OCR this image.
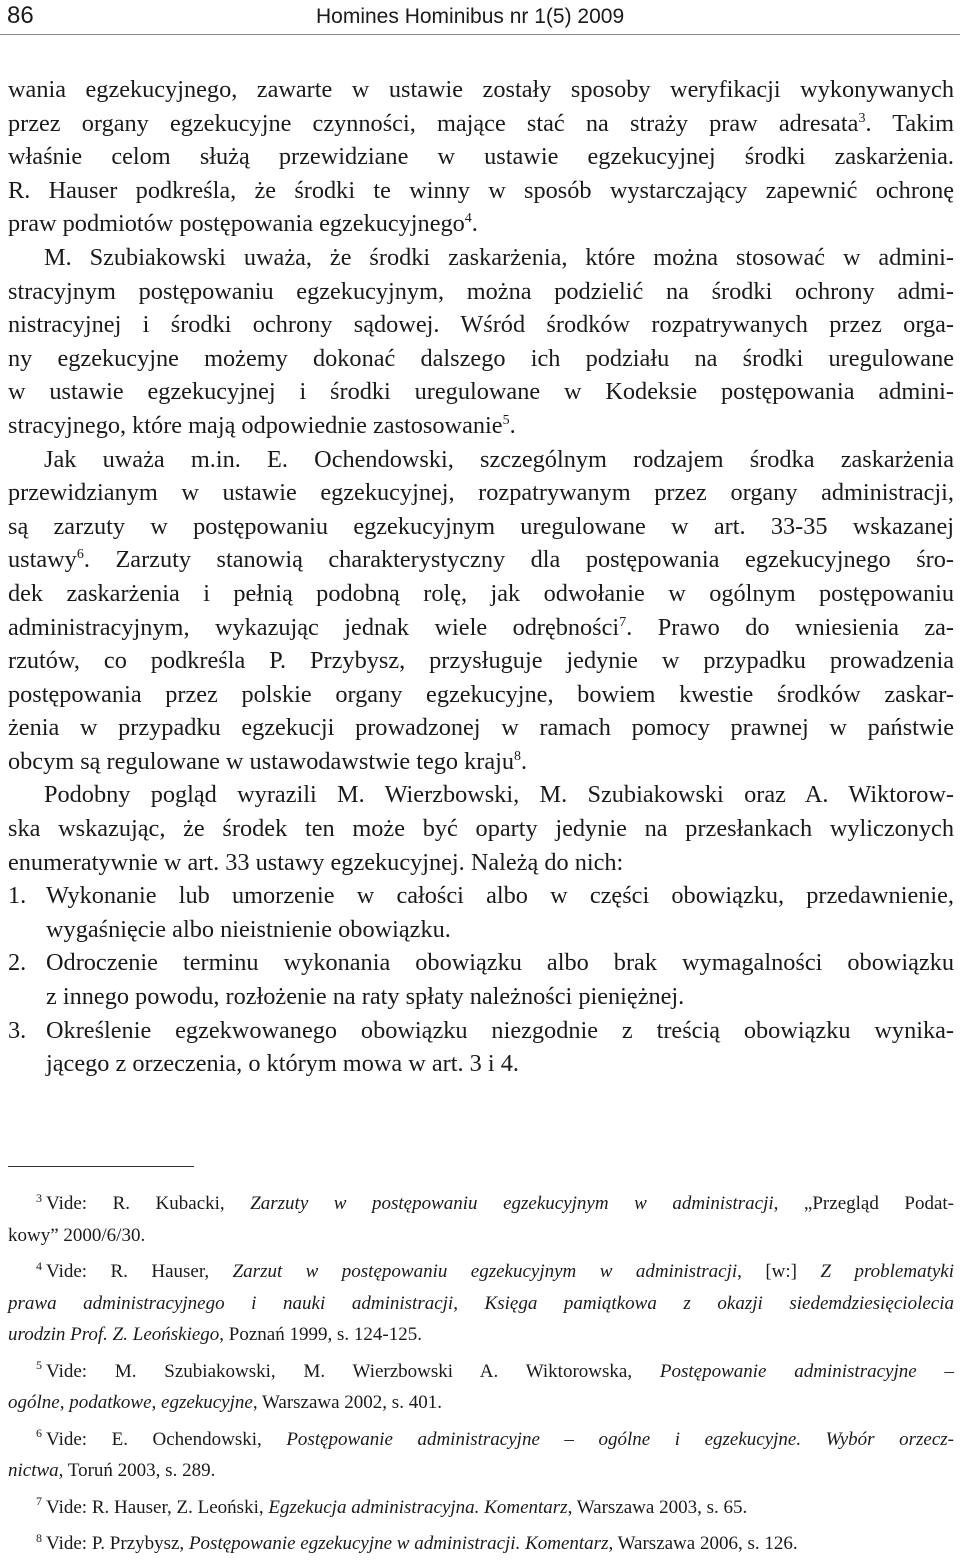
86	Homines Hominibus nr 1(5) 2009
wania egzekucyjnego, zawarte w ustawie zostały sposoby weryfikacji wykonywanych
przez organy egzekucyjne czynności, mające stać na straży praw adresata$^3$. Takim
właśnie celom służą przewidziane w ustawie egzekucyjnej środki zaskarżenia.
R. Hauser podkreśla, że środki te winny w sposób wystarczający zapewnić ochronę
praw podmiotów postępowania egzekucyjnego$^4$.
M. Szubiakowski uważa, że środki zaskarżenia, które można stosować w admini-
stracyjnym postępowaniu egzekucyjnym, można podzielić na środki ochrony admi-
nistracyjnej i środki ochrony sądowej. Wśród środków rozpatrywanych przez orga-
ny egzekucyjne możemy dokonać dalszego ich podziału na środki uregulowane
w ustawie egzekucyjnej i środki uregulowane w Kodeksie postępowania admini-
stracyjnego, które mają odpowiednie zastosowanie$^5$.
Jak uważa m.in. E. Ochendowski, szczególnym rodzajem środka zaskarżenia
przewidzianym w ustawie egzekucyjnej, rozpatrywanym przez organy administracji,
są zarzuty w postępowaniu egzekucyjnym uregulowane w art. 33-35 wskazanej
ustawy$^6$. Zarzuty stanowią charakterystyczny dla postępowania egzekucyjnego śro-
dek zaskarżenia i pełnią podobną rolę, jak odwołanie w ogólnym postępowaniu
administracyjnym, wykazując jednak wiele odrębności$^7$. Prawo do wniesienia za-
rzutów, co podkreśla P. Przybysz, przysługuje jedynie w przypadku prowadzenia
postępowania przez polskie organy egzekucyjne, bowiem kwestie środków zaskar-
żenia w przypadku egzekucji prowadzonej w ramach pomocy prawnej w państwie
obcym są regulowane w ustawodawstwie tego kraju$^8$.
Podobny pogląd wyrazili M. Wierzbowski, M. Szubiakowski oraz A. Wiktorow-
ska wskazując, że środek ten może być oparty jedynie na przesłankach wyliczonych
enumeratywnie w art. 33 ustawy egzekucyjnej. Należą do nich:
1. Wykonanie lub umorzenie w całości albo w części obowiązku, przedawnienie,
wygaśnięcie albo nieistnienie obowiązku.
2. Odroczenie terminu wykonania obowiązku albo brak wymagalności obowiązku
z innego powodu, rozłożenie na raty spłaty należności pieniężnej.
3. Określenie egzekwowanego obowiązku niezgodnie z treścią obowiązku wynika-
jącego z orzeczenia, o którym mowa w art. 3 i 4.
$^3$ Vide: R. Kubacki, Zarzuty w postępowaniu egzekucyjnym w administracji, „Przegląd Podat-
kowy” 2000/6/30.
$^4$ Vide: R. Hauser, Zarzut w postępowaniu egzekucyjnym w administracji, [w:] Z problematyki
prawa administracyjnego i nauki administracji, Księga pamiątkowa z okazji siedemdziesięciolecia
urodzin Prof. Z. Leońskiego, Poznań 1999, s. 124-125.
$^5$ Vide: M. Szubiakowski, M. Wierzbowski A. Wiktorowska, Postępowanie administracyjne –
ogólne, podatkowe, egzekucyjne, Warszawa 2002, s. 401.
$^6$ Vide: E. Ochendowski, Postępowanie administracyjne – ogólne i egzekucyjne. Wybór orzecz-
nictwa, Toruń 2003, s. 289.
$^7$ Vide: R. Hauser, Z. Leoński, Egzekucja administracyjna. Komentarz, Warszawa 2003, s. 65.
$^8$ Vide: P. Przybysz, Postępowanie egzekucyjne w administracji. Komentarz, Warszawa 2006, s. 126.
